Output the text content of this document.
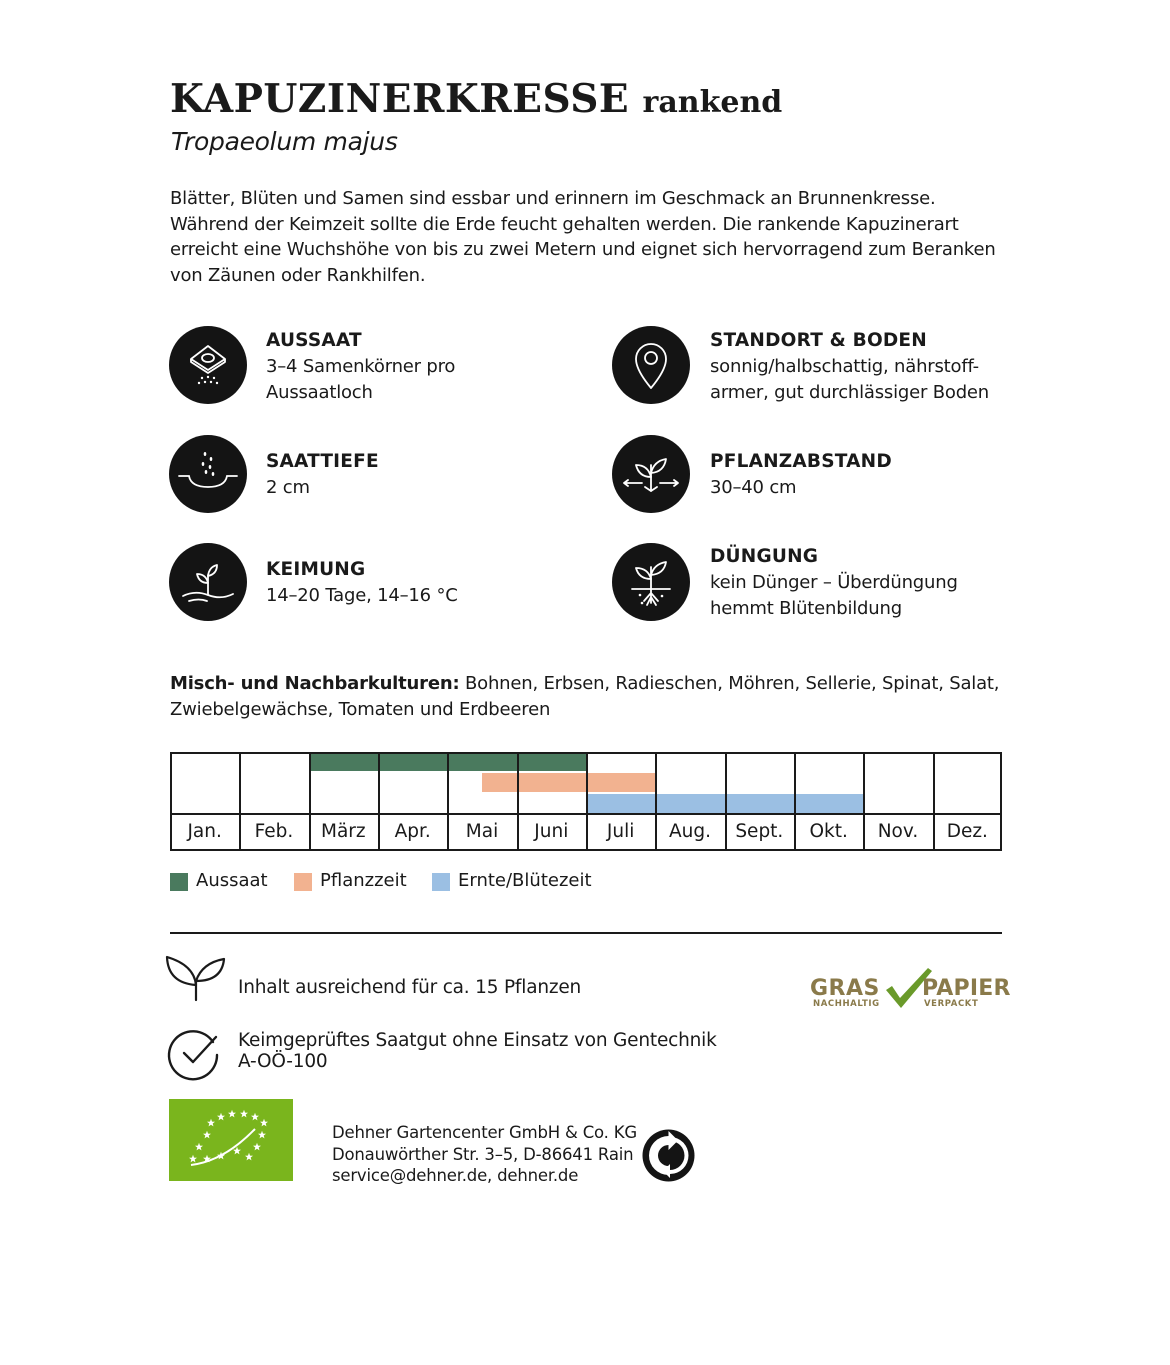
KAPUZINERKRESSE rankend
Tropaeolum majus
Blätter, Blüten und Samen sind essbar und erinnern im Geschmack an Brunnenkresse. Während der Keimzeit sollte die Erde feucht gehalten werden. Die rankende Kapuzinerart erreicht eine Wuchshöhe von bis zu zwei Metern und eignet sich hervorragend zum Beranken von Zäunen oder Rankhilfen.
AUSSAAT
3–4 Samenkörner pro
Aussaatloch
SAATTIEFE
2 cm
KEIMUNG
14–20 Tage, 14–16 °C
STANDORT & BODEN
sonnig/halbschattig, nährstoff-
armer, gut durchlässiger Boden
PFLANZABSTAND
30–40 cm
DÜNGUNG
kein Dünger – Überdüngung
hemmt Blütenbildung
Misch- und Nachbarkulturen: Bohnen, Erbsen, Radieschen, Möhren, Sellerie, Spinat, Salat, Zwiebelgewächse, Tomaten und Erdbeeren
Jan.	Feb.	März	Apr.	Mai	Juni	Juli	Aug.	Sept.	Okt.	Nov.	Dez.
Aussaat	Pflanzzeit	Ernte/Blütezeit
Inhalt ausreichend für ca. 15 Pflanzen
Keimgeprüftes Saatgut ohne Einsatz von Gentechnik
A-OÖ-100
GRAS
NACHHALTIG
PAPIER
VERPACKT
Dehner Gartencenter GmbH & Co. KG
Donauwörther Str. 3–5, D-86641 Rain
service@dehner.de, dehner.de
